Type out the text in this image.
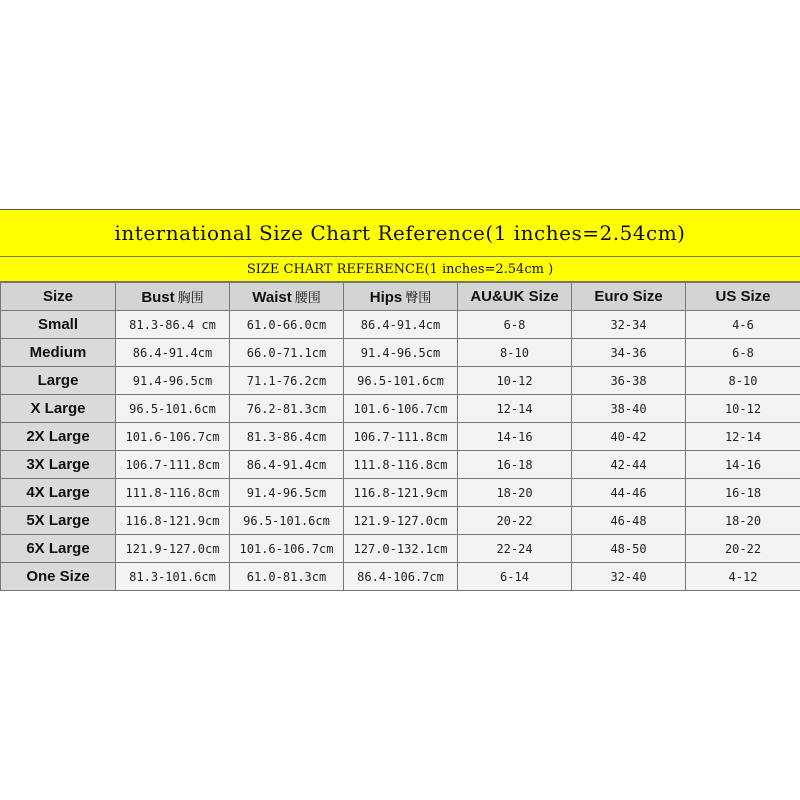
international Size Chart Reference(1 inches=2.54cm)
SIZE CHART REFERENCE(1 inches=2.54cm )
Size	Bust 胸围	Waist 腰围	Hips 臀围	AU&UK Size	Euro Size	US Size
Small	81.3-86.4 cm	61.0-66.0cm	86.4-91.4cm	6-8	32-34	4-6
Medium	86.4-91.4cm	66.0-71.1cm	91.4-96.5cm	8-10	34-36	6-8
Large	91.4-96.5cm	71.1-76.2cm	96.5-101.6cm	10-12	36-38	8-10
X Large	96.5-101.6cm	76.2-81.3cm	101.6-106.7cm	12-14	38-40	10-12
2X Large	101.6-106.7cm	81.3-86.4cm	106.7-111.8cm	14-16	40-42	12-14
3X Large	106.7-111.8cm	86.4-91.4cm	111.8-116.8cm	16-18	42-44	14-16
4X Large	111.8-116.8cm	91.4-96.5cm	116.8-121.9cm	18-20	44-46	16-18
5X Large	116.8-121.9cm	96.5-101.6cm	121.9-127.0cm	20-22	46-48	18-20
6X Large	121.9-127.0cm	101.6-106.7cm	127.0-132.1cm	22-24	48-50	20-22
One Size	81.3-101.6cm	61.0-81.3cm	86.4-106.7cm	6-14	32-40	4-12
